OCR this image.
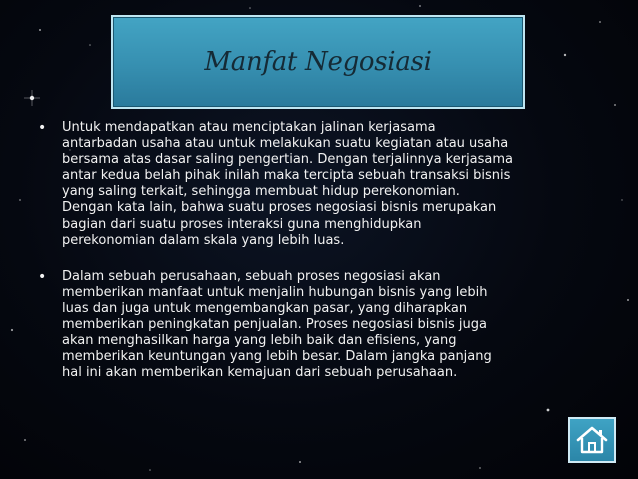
Manfat Negosiasi
• Untuk mendapatkan atau menciptakan jalinan kerjasama
antarbadan usaha atau untuk melakukan suatu kegiatan atau usaha
bersama atas dasar saling pengertian. Dengan terjalinnya kerjasama
antar kedua belah pihak inilah maka tercipta sebuah transaksi bisnis
yang saling terkait, sehingga membuat hidup perekonomian.
Dengan kata lain, bahwa suatu proses negosiasi bisnis merupakan
bagian dari suatu proses interaksi guna menghidupkan
perekonomian dalam skala yang lebih luas.
• Dalam sebuah perusahaan, sebuah proses negosiasi akan
memberikan manfaat untuk menjalin hubungan bisnis yang lebih
luas dan juga untuk mengembangkan pasar, yang diharapkan
memberikan peningkatan penjualan. Proses negosiasi bisnis juga
akan menghasilkan harga yang lebih baik dan efisiens, yang
memberikan keuntungan yang lebih besar. Dalam jangka panjang
hal ini akan memberikan kemajuan dari sebuah perusahaan.
